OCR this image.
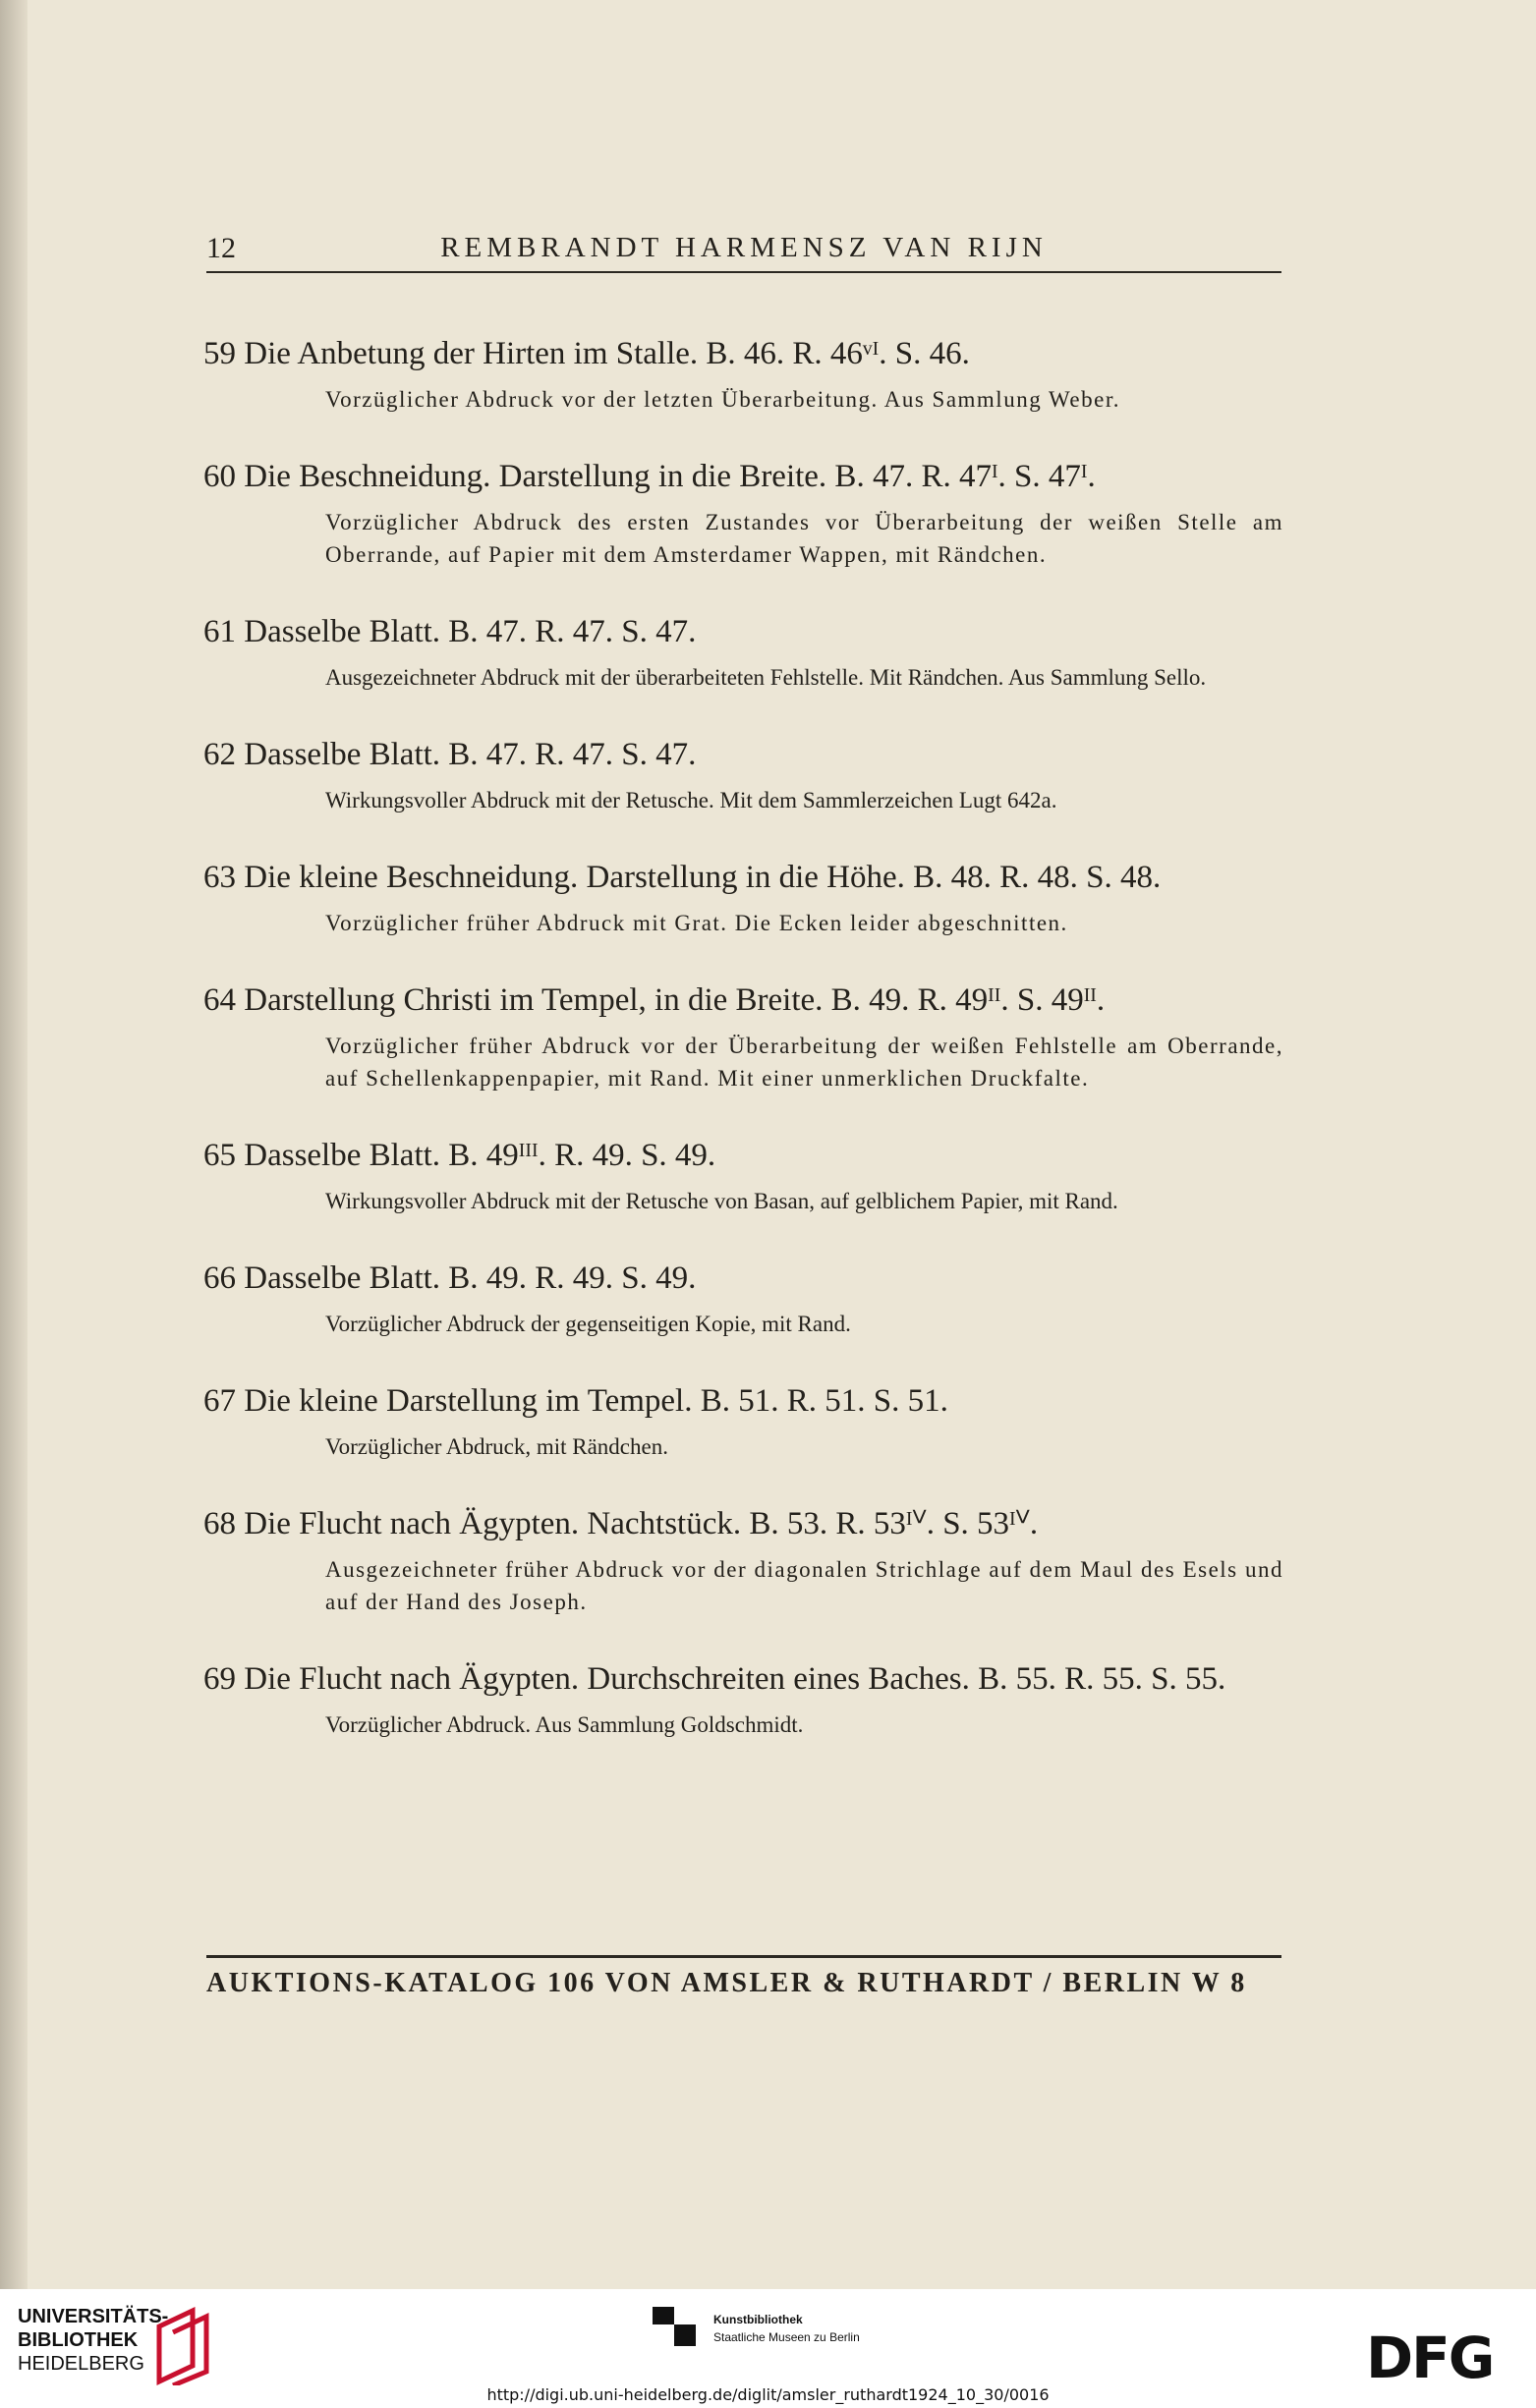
12	REMBRANDT HARMENSZ VAN RIJN
59 Die Anbetung der Hirten im Stalle. B. 46. R. 46ᵛᴵ. S. 46.
Vorzüglicher Abdruck vor der letzten Überarbeitung. Aus Sammlung Weber.
60 Die Beschneidung. Darstellung in die Breite. B. 47. R. 47ᴵ. S. 47ᴵ.
Vorzüglicher Abdruck des ersten Zustandes vor Überarbeitung der weißen Stelle am Oberrande, auf Papier mit dem Amsterdamer Wappen, mit Rändchen.
61 Dasselbe Blatt. B. 47. R. 47. S. 47.
Ausgezeichneter Abdruck mit der überarbeiteten Fehlstelle. Mit Rändchen. Aus Sammlung Sello.
62 Dasselbe Blatt. B. 47. R. 47. S. 47.
Wirkungsvoller Abdruck mit der Retusche. Mit dem Sammlerzeichen Lugt 642a.
63 Die kleine Beschneidung. Darstellung in die Höhe. B. 48. R. 48. S. 48.
Vorzüglicher früher Abdruck mit Grat. Die Ecken leider abgeschnitten.
64 Darstellung Christi im Tempel, in die Breite. B. 49. R. 49ᴵᴵ. S. 49ᴵᴵ.
Vorzüglicher früher Abdruck vor der Überarbeitung der weißen Fehlstelle am Oberrande, auf Schellenkappenpapier, mit Rand. Mit einer unmerklichen Druckfalte.
65 Dasselbe Blatt. B. 49ᴵᴵᴵ. R. 49. S. 49.
Wirkungsvoller Abdruck mit der Retusche von Basan, auf gelblichem Papier, mit Rand.
66 Dasselbe Blatt. B. 49. R. 49. S. 49.
Vorzüglicher Abdruck der gegenseitigen Kopie, mit Rand.
67 Die kleine Darstellung im Tempel. B. 51. R. 51. S. 51.
Vorzüglicher Abdruck, mit Rändchen.
68 Die Flucht nach Ägypten. Nachtstück. B. 53. R. 53ᴵⱽ. S. 53ᴵⱽ.
Ausgezeichneter früher Abdruck vor der diagonalen Strichlage auf dem Maul des Esels und auf der Hand des Joseph.
69 Die Flucht nach Ägypten. Durchschreiten eines Baches. B. 55. R. 55. S. 55.
Vorzüglicher Abdruck. Aus Sammlung Goldschmidt.
AUKTIONS-KATALOG 106 VON AMSLER & RUTHARDT / BERLIN W 8
UNIVERSITÄTS-
BIBLIOTHEK
HEIDELBERG
Kunstbibliothek
Staatliche Museen zu Berlin	DFG
http://digi.ub.uni-heidelberg.de/diglit/amsler_ruthardt1924_10_30/0016
